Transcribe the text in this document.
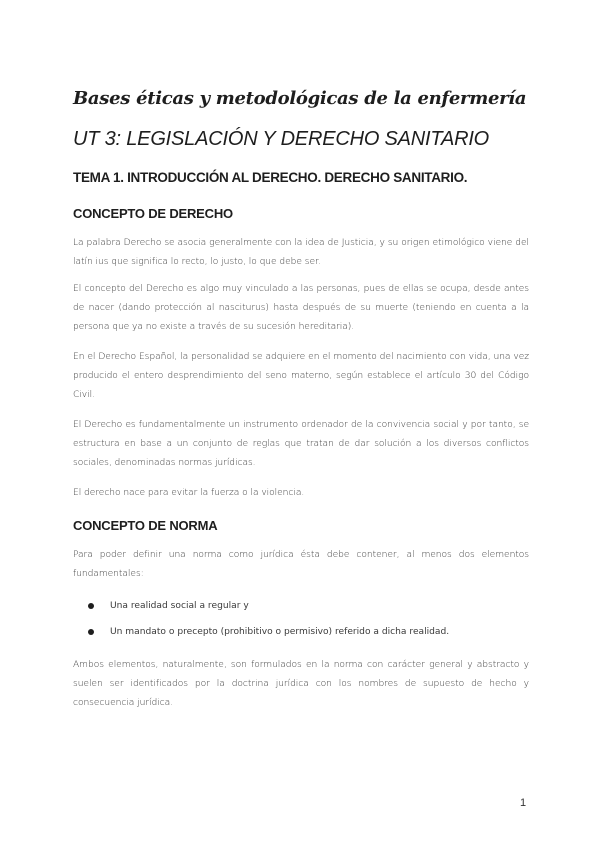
Bases éticas y metodológicas de la enfermería
UT 3: LEGISLACIÓN Y DERECHO SANITARIO
TEMA 1. INTRODUCCIÓN AL DERECHO. DERECHO SANITARIO.
CONCEPTO DE DERECHO
La palabra Derecho se asocia generalmente con la idea de Justicia, y su origen etimológico viene del latín ius que significa lo recto, lo justo, lo que debe ser.
El concepto del Derecho es algo muy vinculado a las personas, pues de ellas se ocupa, desde antes de nacer (dando protección al nasciturus) hasta después de su muerte (teniendo en cuenta a la persona que ya no existe a través de su sucesión hereditaria).
En el Derecho Español, la personalidad se adquiere en el momento del nacimiento con vida, una vez producido el entero desprendimiento del seno materno, según establece el artículo 30 del Código Civil.
El Derecho es fundamentalmente un instrumento ordenador de la convivencia social y por tanto, se estructura en base a un conjunto de reglas que tratan de dar solución a los diversos conflictos sociales, denominadas normas jurídicas.
El derecho nace para evitar la fuerza o la violencia.
CONCEPTO DE NORMA
Para poder definir una norma como jurídica ésta debe contener, al menos dos elementos fundamentales:
Una realidad social a regular y
Un mandato o precepto (prohibitivo o permisivo) referido a dicha realidad.
Ambos elementos, naturalmente, son formulados en la norma con carácter general y abstracto y suelen ser identificados por la doctrina jurídica con los nombres de supuesto de hecho y consecuencia jurídica.
1
